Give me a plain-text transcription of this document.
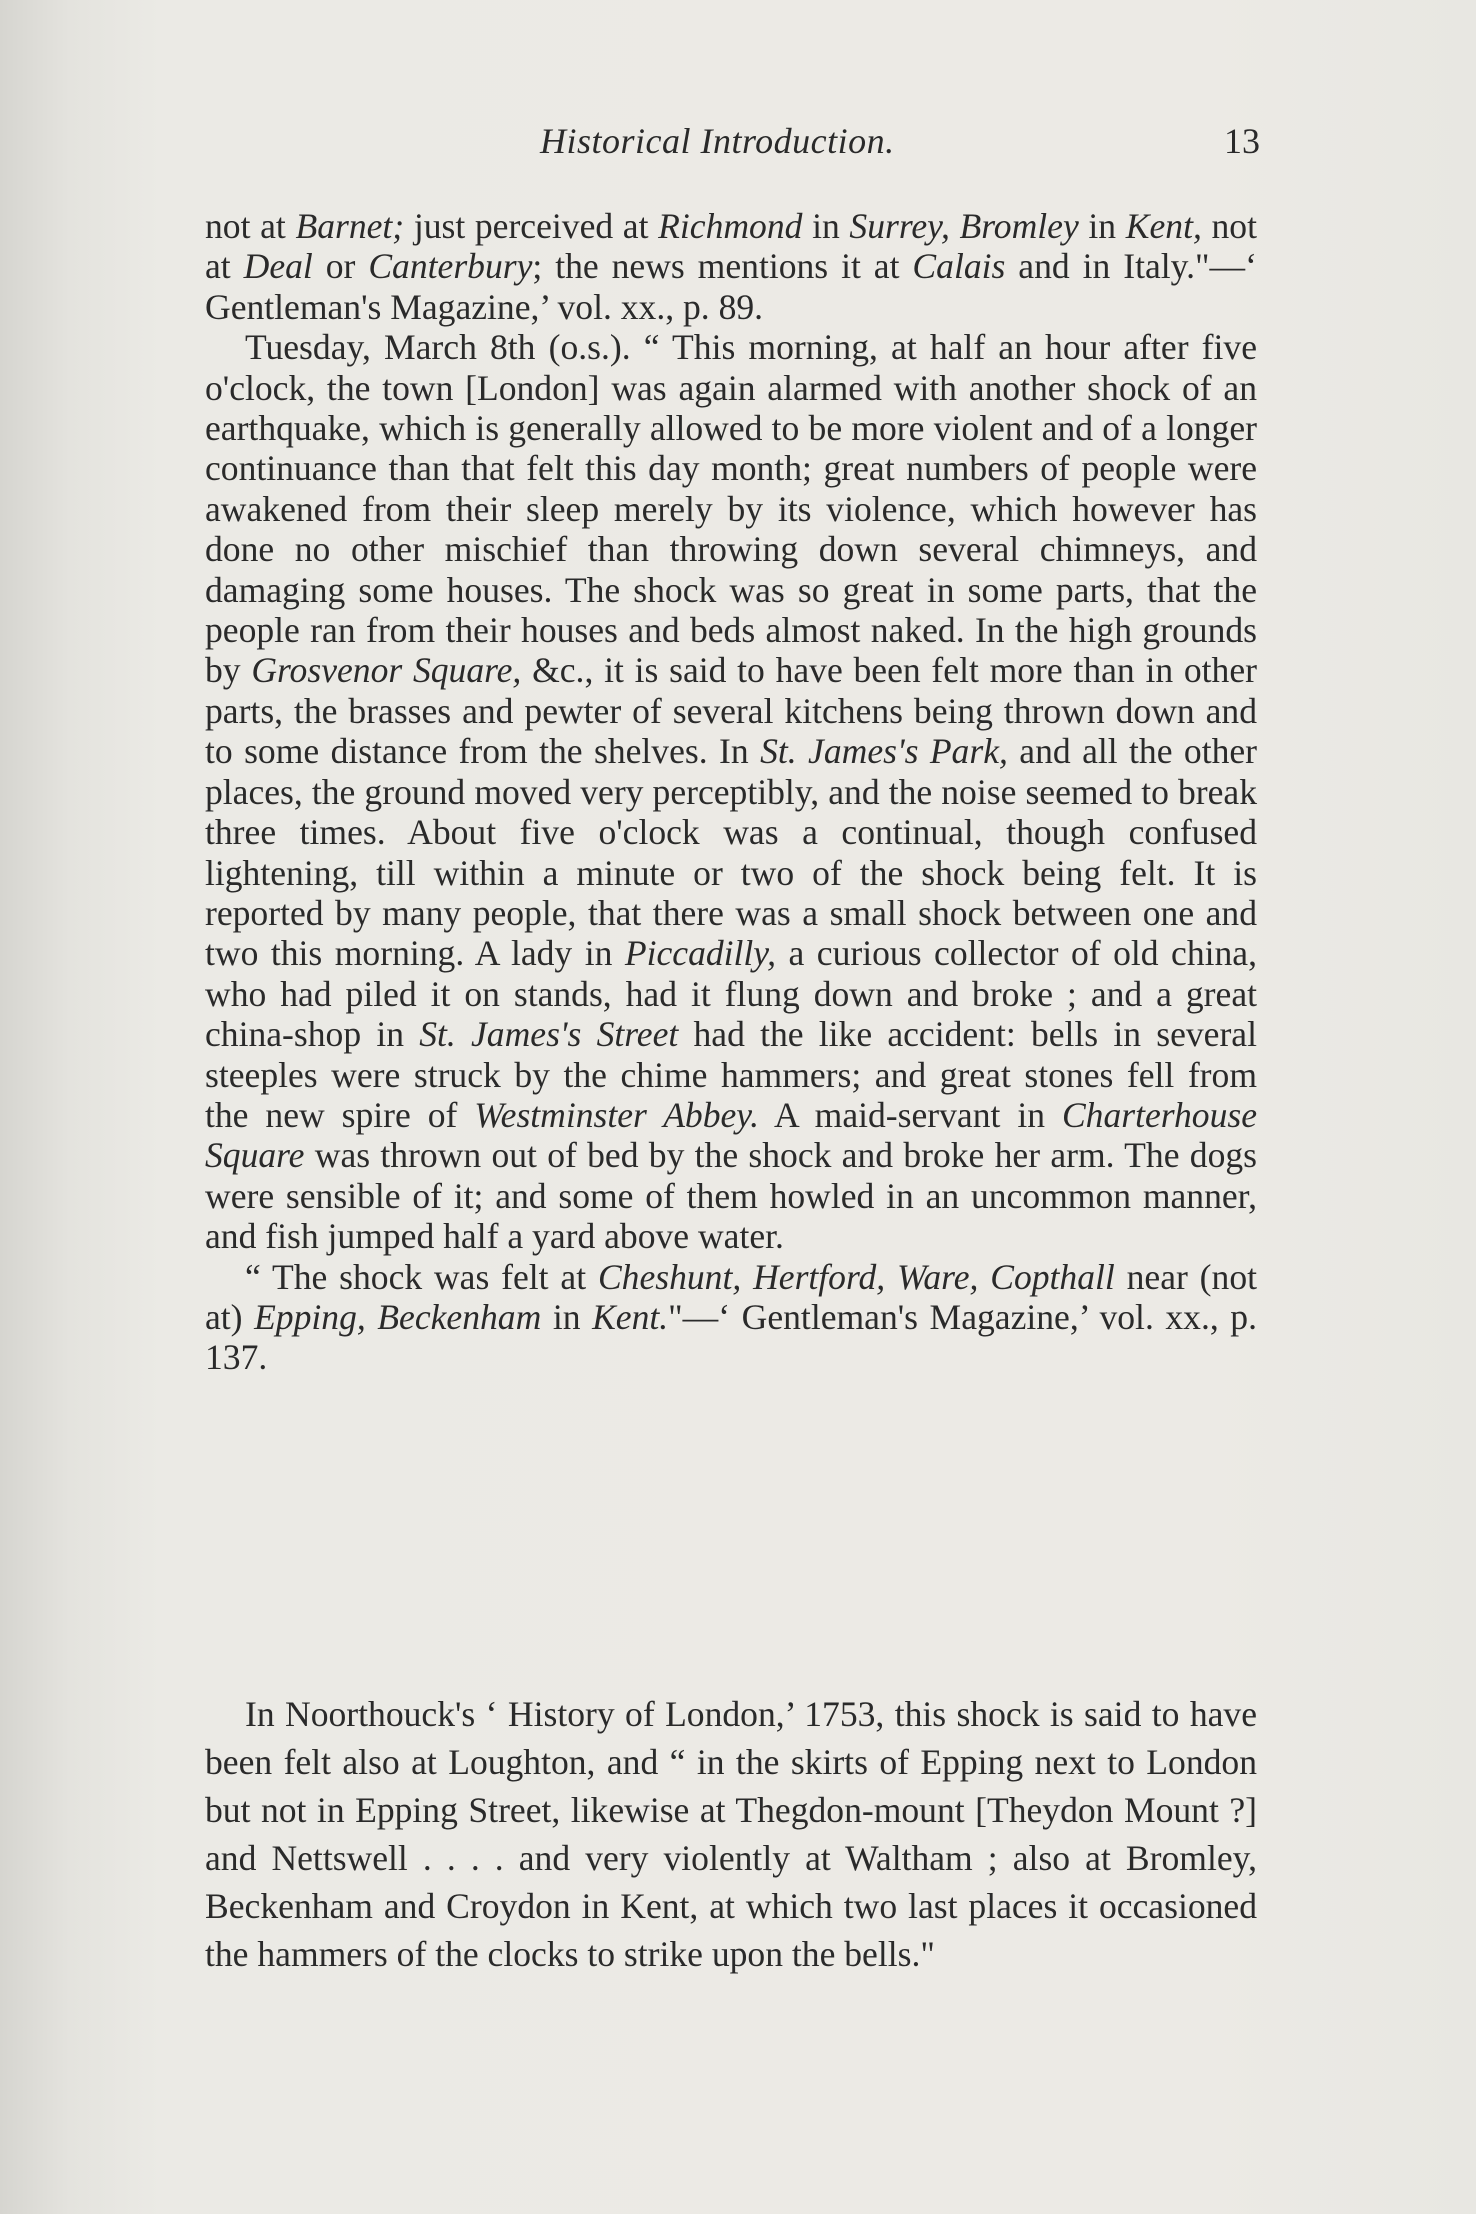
Historical Introduction.	13

not at Barnet; just perceived at Richmond in Surrey, Bromley in Kent, not at Deal or Canterbury; the news mentions it at Calais and in Italy."—‘ Gentleman's Magazine,’ vol. xx., p. 89.

Tuesday, March 8th (o.s.). “ This morning, at half an hour after five o'clock, the town [London] was again alarmed with another shock of an earthquake, which is generally allowed to be more violent and of a longer continuance than that felt this day month; great numbers of people were awakened from their sleep merely by its violence, which however has done no other mischief than throwing down several chimneys, and damaging some houses. The shock was so great in some parts, that the people ran from their houses and beds almost naked. In the high grounds by Grosvenor Square, &c., it is said to have been felt more than in other parts, the brasses and pewter of several kitchens being thrown down and to some distance from the shelves. In St. James's Park, and all the other places, the ground moved very perceptibly, and the noise seemed to break three times. About five o'clock was a continual, though confused lightening, till within a minute or two of the shock being felt. It is reported by many people, that there was a small shock between one and two this morning. A lady in Piccadilly, a curious collector of old china, who had piled it on stands, had it flung down and broke ; and a great china-shop in St. James's Street had the like accident: bells in several steeples were struck by the chime hammers; and great stones fell from the new spire of Westminster Abbey. A maid-servant in Charterhouse Square was thrown out of bed by the shock and broke her arm. The dogs were sensible of it; and some of them howled in an uncommon manner, and fish jumped half a yard above water.

“ The shock was felt at Cheshunt, Hertford, Ware, Copthall near (not at) Epping, Beckenham in Kent."—‘ Gentleman's Magazine,’ vol. xx., p. 137.

In Noorthouck's ‘ History of London,’ 1753, this shock is said to have been felt also at Loughton, and “ in the skirts of Epping next to London but not in Epping Street, likewise at Thegdon-mount [Theydon Mount ?] and Nettswell . . . . and very violently at Waltham ; also at Bromley, Beckenham and Croydon in Kent, at which two last places it occasioned the hammers of the clocks to strike upon the bells."
